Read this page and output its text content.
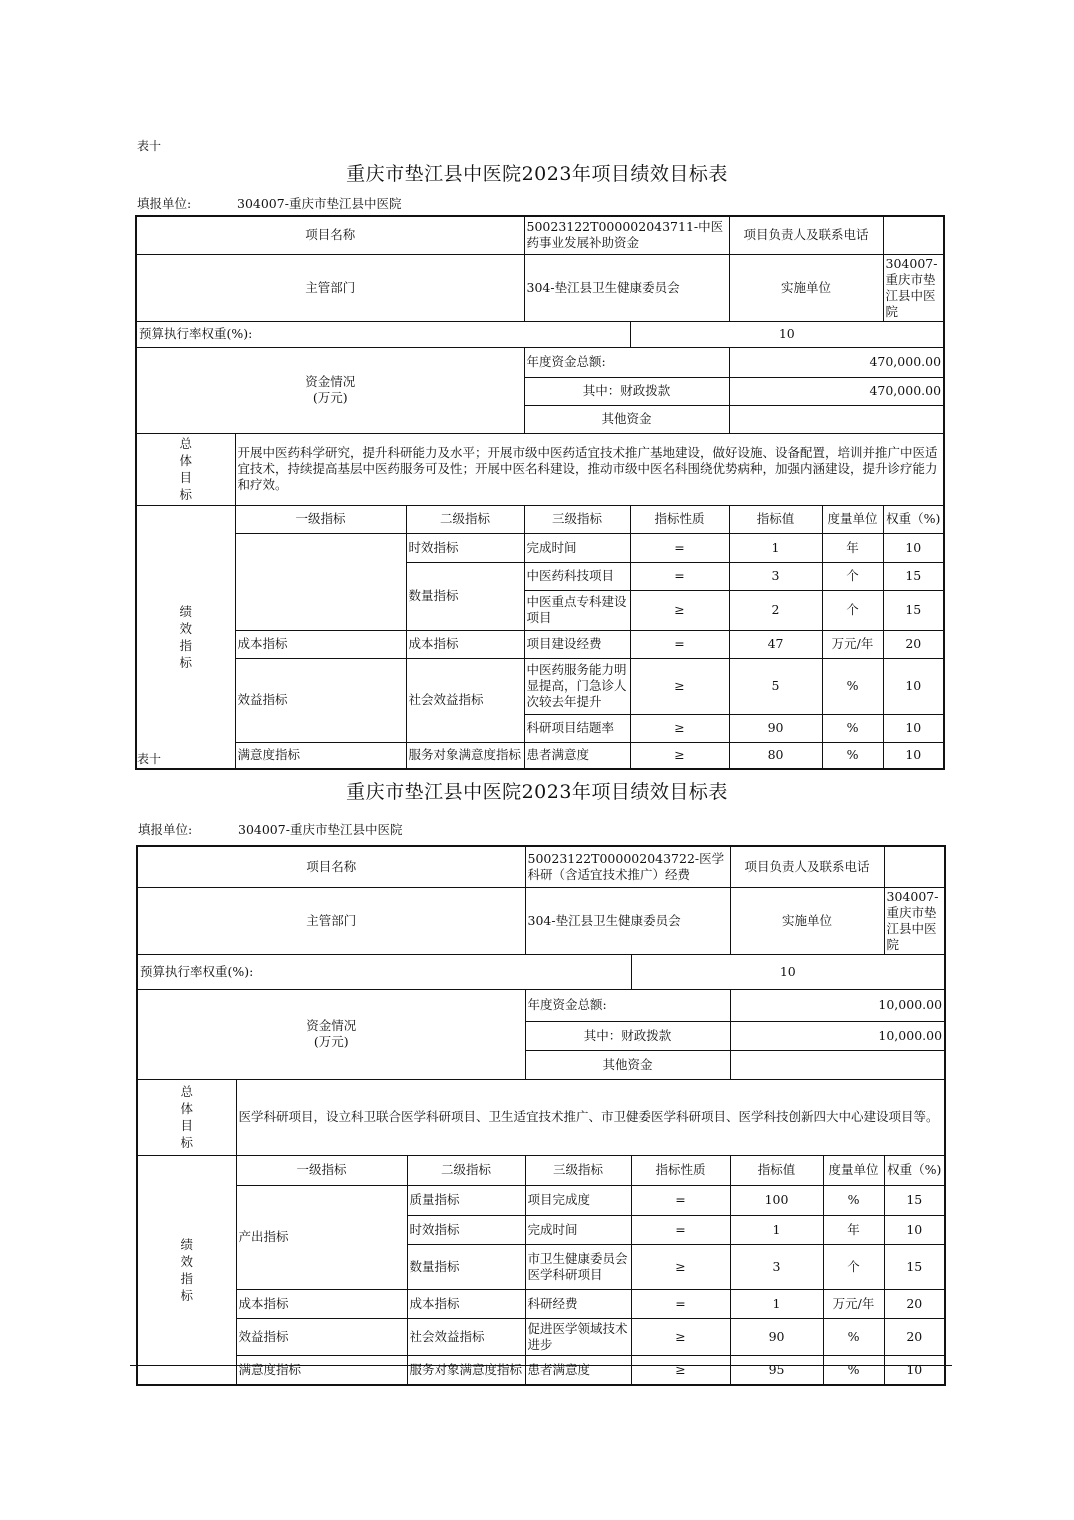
表十
重庆市垫江县中医院2023年项目绩效目标表
填报单位:	304007-重庆市垫江县中医院
项目名称			50023122T000002043711-中医药事业发展补助资金		项目负责人及联系电话		
主管部门			304-垫江县卫生健康委员会		实施单位		304007-重庆市垫江县中医院
预算执行率权重(%):				10			

资金情况
(万元)			年度资金总额:		470,000.00		
			其中：财政拨款		470,000.00		
			其他资金				

总
体
目
标	开展中医药科学研究，提升科研能力及水平；开展市级中医药适宜技术推广基地建设，做好设施、设备配置，培训并推广中医适宜技术，持续提高基层中医药服务可及性；开展中医名科建设，推动市级中医名科围绕优势病种，加强内涵建设，提升诊疗能力和疗效。						

绩
效
指
标	一级指标	二级指标	三级指标	指标性质	指标值	度量单位	权重（%)
		时效指标	完成时间	=	1	年	10
		数量指标	中医药科技项目	=	3	个	15
			中医重点专科建设项目	≥	2	个	15
	成本指标	成本指标	项目建设经费	=	47	万元/年	20
	效益指标	社会效益指标	中医药服务能力明显提高，门急诊人次较去年提升	≥	5	%	10
			科研项目结题率	≥	90	%	10
	满意度指标	服务对象满意度指标	患者满意度	≥	80	%	10
表十
重庆市垫江县中医院2023年项目绩效目标表
填报单位:	304007-重庆市垫江县中医院
项目名称			50023122T000002043722-医学科研（含适宜技术推广）经费		项目负责人及联系电话		
主管部门			304-垫江县卫生健康委员会		实施单位		304007-重庆市垫江县中医院
预算执行率权重(%):				10			

资金情况
(万元)			年度资金总额:		10,000.00		
			其中：财政拨款		10,000.00		
			其他资金				

总
体
目
标	医学科研项目，设立科卫联合医学科研项目、卫生适宜技术推广、市卫健委医学科研项目、医学科技创新四大中心建设项目等。						

绩
效
指
标	一级指标	二级指标	三级指标	指标性质	指标值	度量单位	权重（%)
	产出指标	质量指标	项目完成度	=	100	%	15
		时效指标	完成时间	=	1	年	10
		数量指标	市卫生健康委员会医学科研项目	≥	3	个	15
	成本指标	成本指标	科研经费	=	1	万元/年	20
	效益指标	社会效益指标	促进医学领域技术进步	≥	90	%	20
	满意度指标	服务对象满意度指标	患者满意度	≥	95	%	10
